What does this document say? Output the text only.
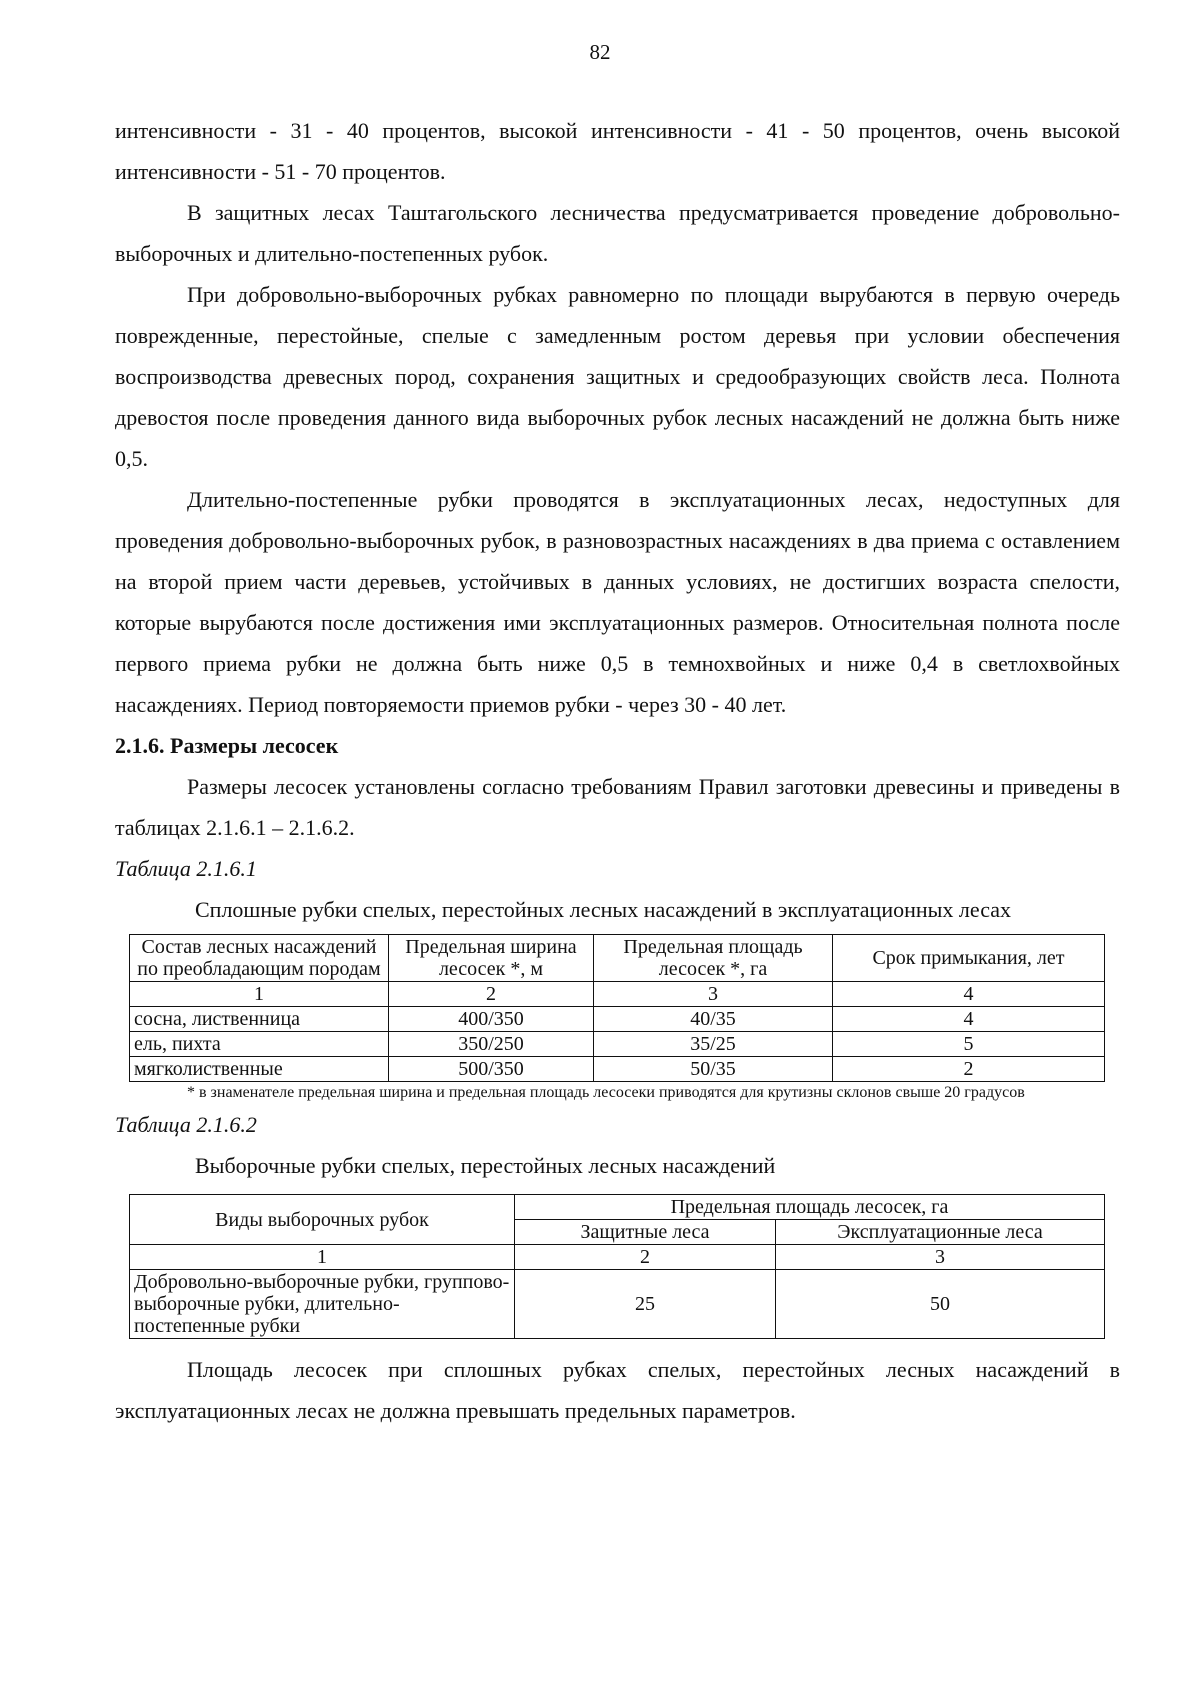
82

интенсивности - 31 - 40 процентов, высокой интенсивности - 41 - 50 процентов, очень высокой интенсивности - 51 - 70 процентов.

В защитных лесах Таштагольского лесничества предусматривается проведение добровольно-выборочных и длительно-постепенных рубок.

При добровольно-выборочных рубках равномерно по площади вырубаются в первую очередь поврежденные, перестойные, спелые с замедленным ростом деревья при условии обеспечения воспроизводства древесных пород, сохранения защитных и средообразующих свойств леса. Полнота древостоя после проведения данного вида выборочных рубок лесных насаждений не должна быть ниже 0,5.

Длительно-постепенные рубки проводятся в эксплуатационных лесах, недоступных для проведения добровольно-выборочных рубок, в разновозрастных насаждениях в два приема с оставлением на второй прием части деревьев, устойчивых в данных условиях, не достигших возраста спелости, которые вырубаются после достижения ими эксплуатационных размеров. Относительная полнота после первого приема рубки не должна быть ниже 0,5 в темнохвойных и ниже 0,4 в светлохвойных насаждениях. Период повторяемости приемов рубки - через 30 - 40 лет.

2.1.6. Размеры лесосек

Размеры лесосек установлены согласно требованиям Правил заготовки древесины и приведены в таблицах 2.1.6.1 – 2.1.6.2.

Таблица 2.1.6.1

Сплошные рубки спелых, перестойных лесных насаждений в эксплуатационных лесах

Состав лесных насаждений по преобладающим породам	Предельная ширина лесосек *, м	Предельная площадь лесосек *, га	Срок примыкания, лет
1	2	3	4
сосна, лиственница	400/350	40/35	4
ель, пихта	350/250	35/25	5
мягколиственные	500/350	50/35	2

* в знаменателе предельная ширина и предельная площадь лесосеки приводятся для крутизны склонов свыше 20 градусов

Таблица 2.1.6.2

Выборочные рубки спелых, перестойных лесных насаждений

Виды выборочных рубок	Предельная площадь лесосек, га	
	Защитные леса	Эксплуатационные леса
1	2	3
Добровольно-выборочные рубки, группово-выборочные рубки, длительно-постепенные рубки	25	50

Площадь лесосек при сплошных рубках спелых, перестойных лесных насаждений в эксплуатационных лесах не должна превышать предельных параметров.
